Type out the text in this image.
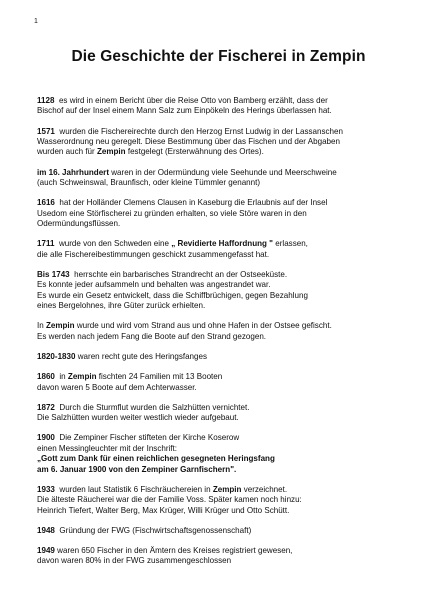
1
Die Geschichte der Fischerei in Zempin
1128 es wird in einem Bericht über die Reise Otto von Bamberg erzählt, dass der
Bischof auf der Insel einem Mann Salz zum Einpökeln des Herings überlassen hat.
1571 wurden die Fischereirechte durch den Herzog Ernst Ludwig in der Lassanschen
Wasserordnung neu geregelt. Diese Bestimmung über das Fischen und der Abgaben
wurden auch für Zempin festgelegt (Ersterwähnung des Ortes).
im 16. Jahrhundert waren in der Odermündung viele Seehunde und Meerschweine
(auch Schweinswal, Braunfisch, oder kleine Tümmler genannt)
1616 hat der Holländer Clemens Clausen in Kaseburg die Erlaubnis auf der Insel
Usedom eine Störfischerei zu gründen erhalten, so viele Störe waren in den
Odermündungsflüssen.
1711 wurde von den Schweden eine „ Revidierte Haffordnung " erlassen,
die alle Fischereibestimmungen geschickt zusammengefasst hat.
Bis 1743 herrschte ein barbarisches Strandrecht an der Ostseeküste.
Es konnte jeder aufsammeln und behalten was angestrandet war.
Es wurde ein Gesetz entwickelt, dass die Schiffbrüchigen, gegen Bezahlung
eines Bergelohnes, ihre Güter zurück erhielten.
In Zempin wurde und wird vom Strand aus und ohne Hafen in der Ostsee gefischt.
Es werden nach jedem Fang die Boote auf den Strand gezogen.
1820-1830 waren recht gute des Heringsfanges
1860 in Zempin fischten 24 Familien mit 13 Booten
davon waren 5 Boote auf dem Achterwasser.
1872 Durch die Sturmflut wurden die Salzhütten vernichtet.
Die Salzhütten wurden weiter westlich wieder aufgebaut.
1900 Die Zempiner Fischer stifteten der Kirche Koserow
einen Messingleuchter mit der Inschrift:
„Gott zum Dank für einen reichlichen gesegneten Heringsfang
am 6. Januar 1900 von den Zempiner Garnfischern".
1933 wurden laut Statistik 6 Fischräuchereien in Zempin verzeichnet.
Die älteste Räucherei war die der Familie Voss. Später kamen noch hinzu:
Heinrich Tiefert, Walter Berg, Max Krüger, Willi Krüger und Otto Schütt.
1948 Gründung der FWG (Fischwirtschaftsgenossenschaft)
1949 waren 650 Fischer in den Ämtern des Kreises registriert gewesen,
davon waren 80% in der FWG zusammengeschlossen
